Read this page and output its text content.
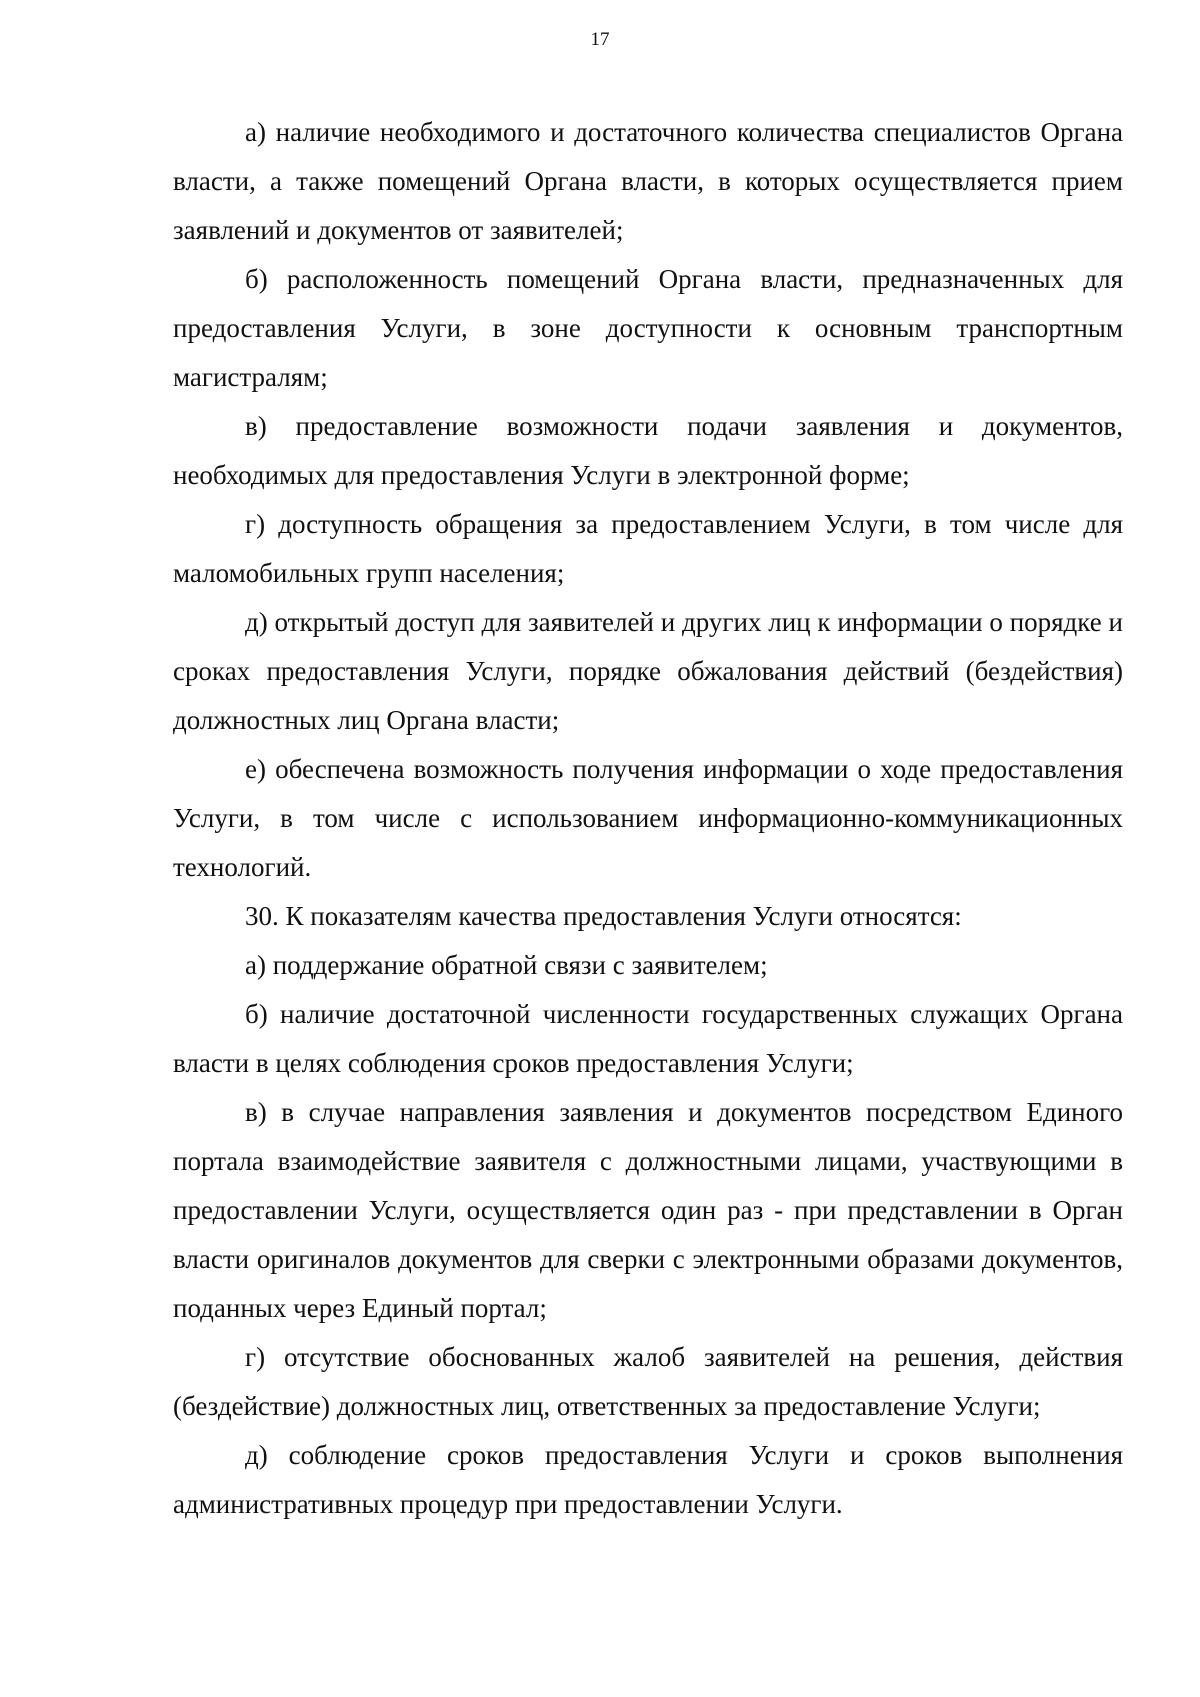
17

а) наличие необходимого и достаточного количества специалистов Органа власти, а также помещений Органа власти, в которых осуществляется прием заявлений и документов от заявителей;

б) расположенность помещений Органа власти, предназначенных для предоставления Услуги, в зоне доступности к основным транспортным магистралям;

в) предоставление возможности подачи заявления и документов, необходимых для предоставления Услуги в электронной форме;

г) доступность обращения за предоставлением Услуги, в том числе для маломобильных групп населения;

д) открытый доступ для заявителей и других лиц к информации о порядке и сроках предоставления Услуги, порядке обжалования действий (бездействия) должностных лиц Органа власти;

е) обеспечена возможность получения информации о ходе предоставления Услуги, в том числе с использованием информационно-коммуникационных технологий.

30. К показателям качества предоставления Услуги относятся:

а) поддержание обратной связи с заявителем;

б) наличие достаточной численности государственных служащих Органа власти в целях соблюдения сроков предоставления Услуги;

в) в случае направления заявления и документов посредством Единого портала взаимодействие заявителя с должностными лицами, участвующими в предоставлении Услуги, осуществляется один раз - при представлении в Орган власти оригиналов документов для сверки с электронными образами документов, поданных через Единый портал;

г) отсутствие обоснованных жалоб заявителей на решения, действия (бездействие) должностных лиц, ответственных за предоставление Услуги;

д) соблюдение сроков предоставления Услуги и сроков выполнения административных процедур при предоставлении Услуги.
